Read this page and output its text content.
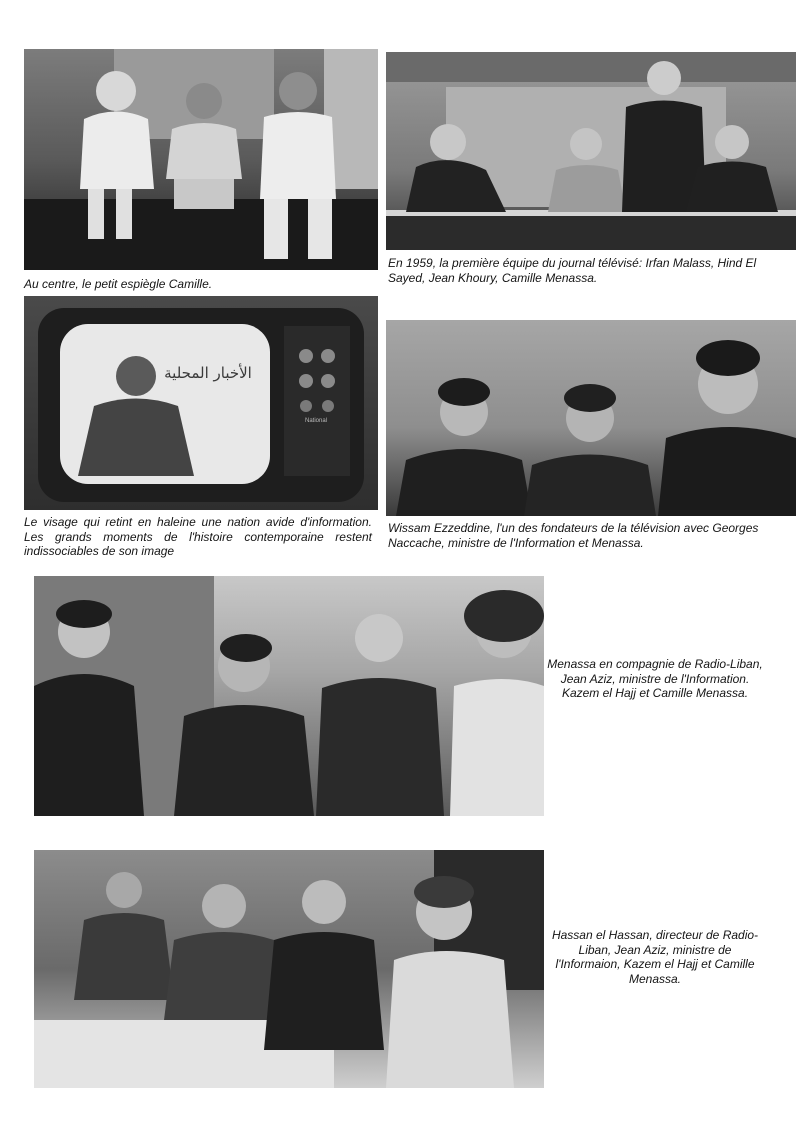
Au centre, le petit espiègle Camille.

En 1959, la première équipe du journal télévisé: Irfan Malass, Hind El Sayed, Jean Khoury, Camille Menassa.

الأخبار المحلية
National

Le visage qui retint en haleine une nation avide d'information. Les grands moments de l'histoire contemporaine restent indissociables de son image

Wissam Ezzeddine, l'un des fondateurs de la télévision avec Georges Naccache, ministre de l'Information et Menassa.

Menassa en compagnie de Radio-Liban, Jean Aziz, ministre de l'Information. Kazem el Hajj et Camille Menassa.

Hassan el Hassan, directeur de Radio-Liban, Jean Aziz, ministre de l'Informaion, Kazem el Hajj et Camille Menassa.
